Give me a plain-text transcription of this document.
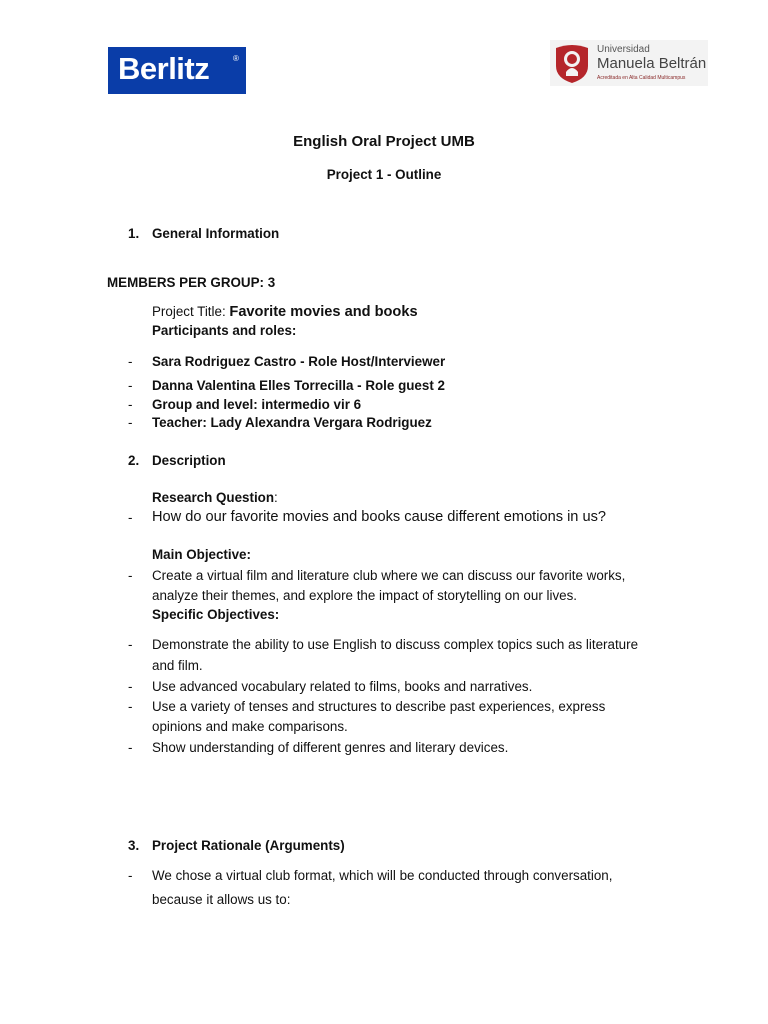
Berlitz	®
Universidad
Manuela Beltrán
Acreditada en Alta Calidad Multicampus
English Oral Project UMB
Project 1 - Outline
1. General Information
MEMBERS PER GROUP: 3
Project Title: Favorite movies and books
Participants and roles:
- Sara Rodriguez Castro - Role Host/Interviewer
- Danna Valentina Elles Torrecilla - Role guest 2
- Group and level: intermedio vir 6
- Teacher: Lady Alexandra Vergara Rodriguez
2. Description
Research Question:
- How do our favorite movies and books cause different emotions in us?
Main Objective:
- Create a virtual film and literature club where we can discuss our favorite works,
analyze their themes, and explore the impact of storytelling on our lives.
Specific Objectives:
- Demonstrate the ability to use English to discuss complex topics such as literature
and film.
- Use advanced vocabulary related to films, books and narratives.
- Use a variety of tenses and structures to describe past experiences, express
opinions and make comparisons.
- Show understanding of different genres and literary devices.
3. Project Rationale (Arguments)
- We chose a virtual club format, which will be conducted through conversation,
because it allows us to:
